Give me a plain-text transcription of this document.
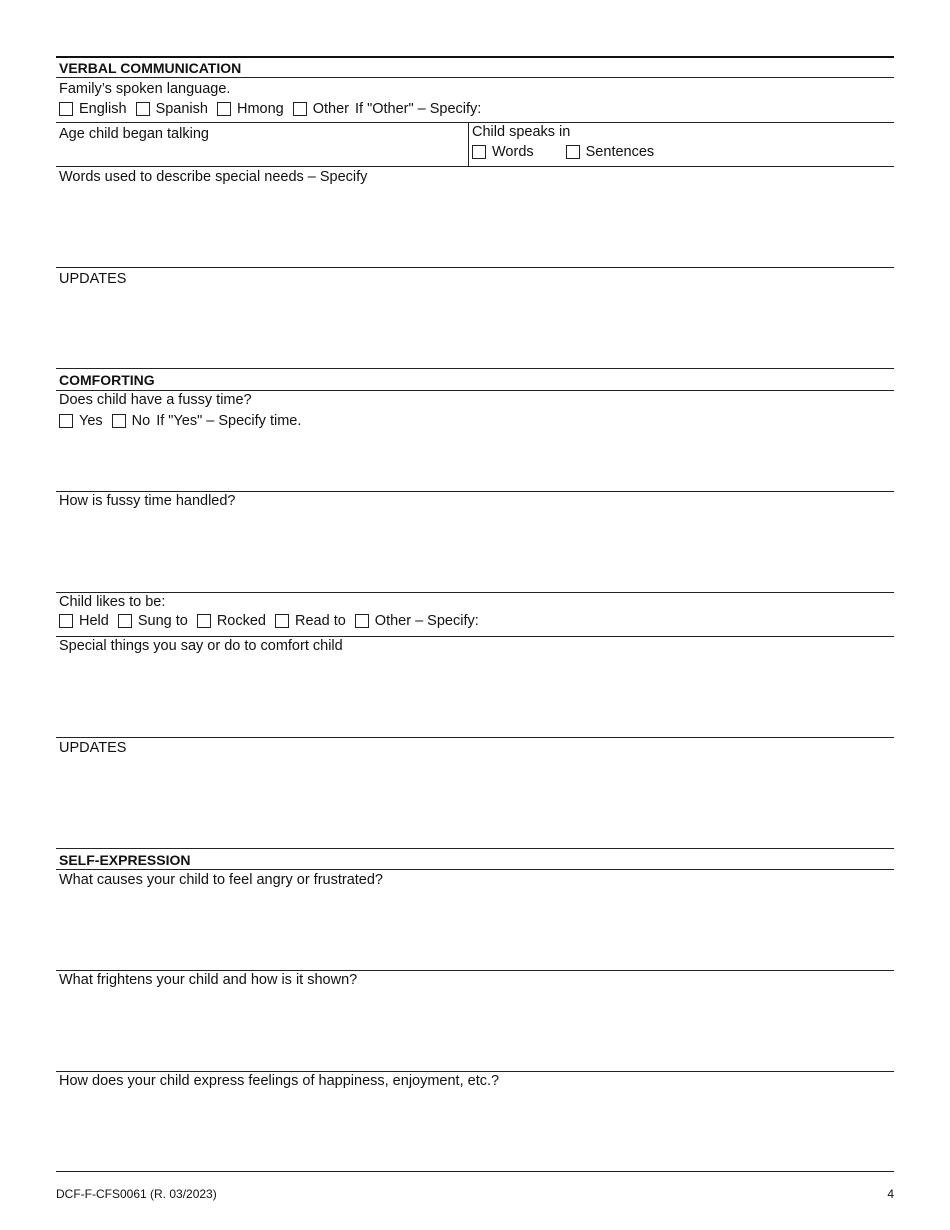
VERBAL COMMUNICATION
Family’s spoken language.
English Spanish Hmong Other If "Other" – Specify:
Age child began talking	Child speaks in
Words	Sentences
Words used to describe special needs – Specify
UPDATES
COMFORTING
Does child have a fussy time?
Yes No If "Yes" – Specify time.
How is fussy time handled?
Child likes to be:
Held Sung to Rocked Read to Other – Specify:
Special things you say or do to comfort child
UPDATES
SELF-EXPRESSION
What causes your child to feel angry or frustrated?
What frightens your child and how is it shown?
How does your child express feelings of happiness, enjoyment, etc.?
DCF-F-CFS0061 (R. 03/2023)	4
